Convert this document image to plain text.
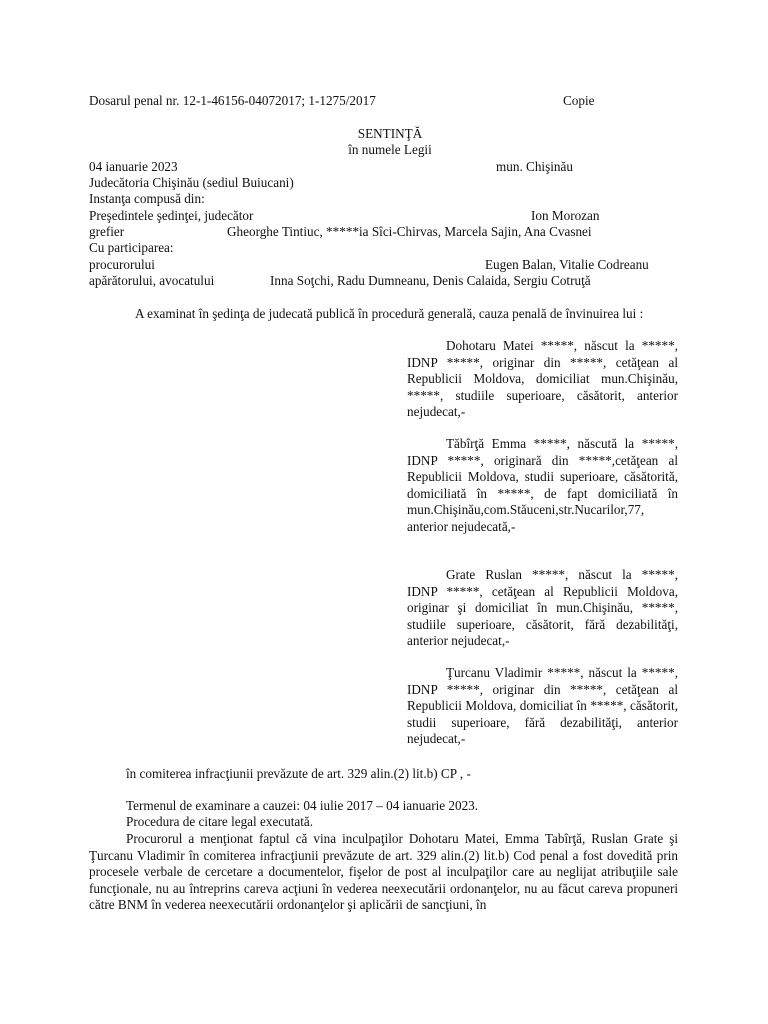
Dosarul penal nr. 12-1-46156-04072017; 1-1275/2017	Copie
SENTINŢĂ
în numele Legii
04 ianuarie 2023	mun. Chişinău
Judecătoria Chişinău (sediul Buiucani)
Instanţa compusă din:
Preşedintele şedinţei, judecător	Ion Morozan
grefier	Gheorghe Tintiuc, *****ia Sîci-Chirvas, Marcela Sajin, Ana Cvasnei
Cu participarea:
procurorului	Eugen Balan, Vitalie Codreanu
apărătorului, avocatului	Inna Soţchi, Radu Dumneanu, Denis Calaida, Sergiu Cotruţă
A examinat în şedinţa de judecată publică în procedură generală, cauza penală de învinuirea lui :

Dohotaru Matei *****, născut la *****, IDNP *****, originar din *****, cetăţean al Republicii Moldova, domiciliat mun.Chişinău, *****, studiile superioare, căsătorit, anterior nejudecat,-

Tăbîrţă Emma *****, născută la *****, IDNP *****, originară din *****,cetăţean al Republicii Moldova, studii superioare, căsătorită, domiciliată în *****, de fapt domiciliată în mun.Chişinău,com.Stăuceni,str.Nucarilor,77, anterior nejudecată,-

Grate Ruslan *****, născut la *****, IDNP *****, cetăţean al Republicii Moldova, originar şi domiciliat în mun.Chişinău, *****, studiile superioare, căsătorit, fără dezabilităţi, anterior nejudecat,-

Ţurcanu Vladimir *****, născut la *****, IDNP *****, originar din *****, cetăţean al Republicii Moldova, domiciliat în *****, căsătorit, studii superioare, fără dezabilităţi, anterior nejudecat,-

în comiterea infracţiunii prevăzute de art. 329 alin.(2) lit.b) CP , -
Termenul de examinare a cauzei: 04 iulie 2017 – 04 ianuarie 2023.
Procedura de citare legal executată.

Procurorul a menţionat faptul că vina inculpaţilor Dohotaru Matei, Emma Tabîrţă, Ruslan Grate şi Ţurcanu Vladimir în comiterea infracţiunii prevăzute de art. 329 alin.(2) lit.b) Cod penal a fost dovedită prin procesele verbale de cercetare a documentelor, fişelor de post al inculpaţilor care au neglijat atribuţiile sale funcţionale, nu au întreprins careva acţiuni în vederea neexecutării ordonanţelor, nu au făcut careva propuneri către BNM în vederea neexecutării ordonanţelor şi aplicării de sancţiuni, în
